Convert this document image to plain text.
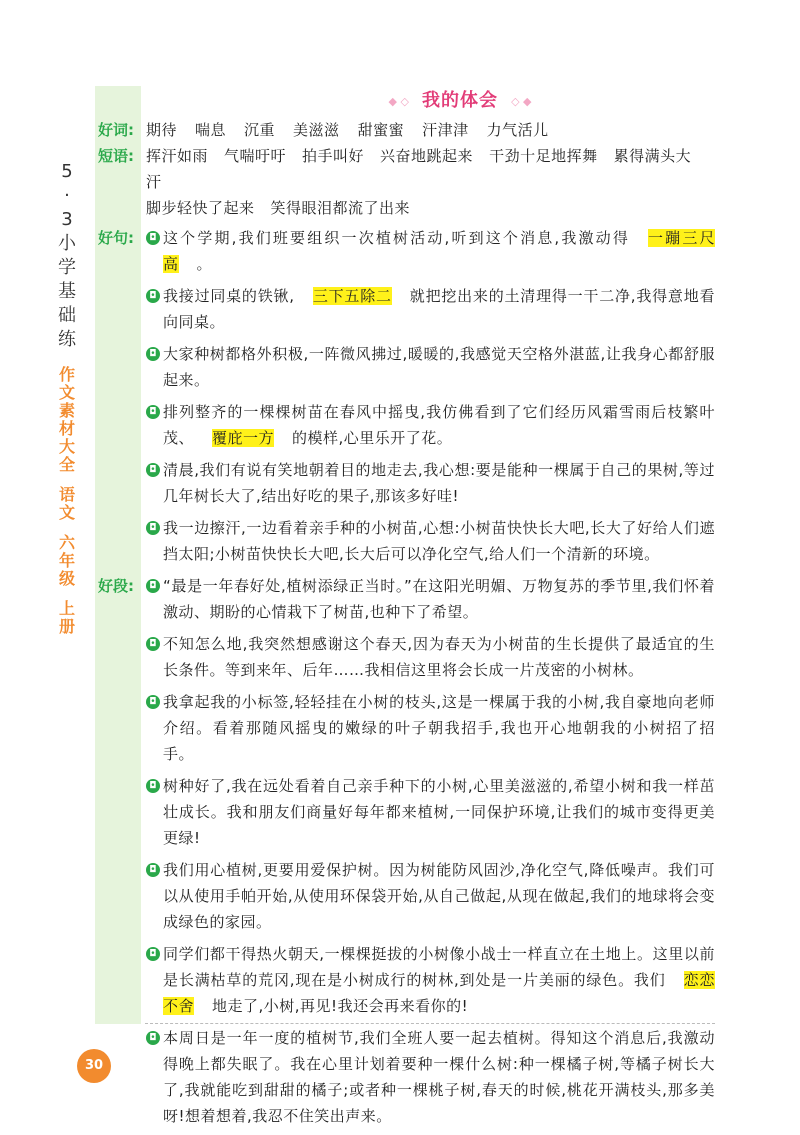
5
·
3
小
学
基
础
练
作
文
素
材
大
全
语
文
六
年
级
上
册
◆ ◇ 我的体会 ◇ ◆
好词: 期待 喘息 沉重 美滋滋 甜蜜蜜 汗津津 力气活儿
短语: 挥汗如雨 气喘吁吁 拍手叫好 兴奋地跳起来 干劲十足地挥舞 累得满头大汗
脚步轻快了起来 笑得眼泪都流了出来
好句:	◘ 这个学期,我们班要组织一次植树活动,听到这个消息,我激动得 一蹦三尺高 。
◘ 我接过同桌的铁锹, 三下五除二 就把挖出来的土清理得一干二净,我得意地看向同桌。
◘ 大家种树都格外积极,一阵微风拂过,暖暖的,我感觉天空格外湛蓝,让我身心都舒服起来。
◘ 排列整齐的一棵棵树苗在春风中摇曳,我仿佛看到了它们经历风霜雪雨后枝繁叶茂、 覆庇一方 的模样,心里乐开了花。
◘ 清晨,我们有说有笑地朝着目的地走去,我心想:要是能种一棵属于自己的果树,等过几年树长大了,结出好吃的果子,那该多好哇!
◘ 我一边擦汗,一边看着亲手种的小树苗,心想:小树苗快快长大吧,长大了好给人们遮挡太阳;小树苗快快长大吧,长大后可以净化空气,给人们一个清新的环境。
好段:	◘ “最是一年春好处,植树添绿正当时。”在这阳光明媚、万物复苏的季节里,我们怀着激动、期盼的心情栽下了树苗,也种下了希望。
◘ 不知怎么地,我突然想感谢这个春天,因为春天为小树苗的生长提供了最适宜的生长条件。等到来年、后年……我相信这里将会长成一片茂密的小树林。
◘ 我拿起我的小标签,轻轻挂在小树的枝头,这是一棵属于我的小树,我自豪地向老师介绍。看着那随风摇曳的嫩绿的叶子朝我招手,我也开心地朝我的小树招了招手。
◘ 树种好了,我在远处看着自己亲手种下的小树,心里美滋滋的,希望小树和我一样茁壮成长。我和朋友们商量好每年都来植树,一同保护环境,让我们的城市变得更美更绿!
◘ 我们用心植树,更要用爱保护树。因为树能防风固沙,净化空气,降低噪声。我们可以从使用手帕开始,从使用环保袋开始,从自己做起,从现在做起,我们的地球将会变成绿色的家园。
◘ 同学们都干得热火朝天,一棵棵挺拔的小树像小战士一样直立在土地上。这里以前是长满枯草的荒冈,现在是小树成行的树林,到处是一片美丽的绿色。我们 恋恋不舍 地走了,小树,再见!我还会再来看你的!
◘ 本周日是一年一度的植树节,我们全班人要一起去植树。得知这个消息后,我激动得晚上都失眠了。我在心里计划着要种一棵什么树:种一棵橘子树,等橘子树长大了,我就能吃到甜甜的橘子;或者种一棵桃子树,春天的时候,桃花开满枝头,那多美呀!想着想着,我忍不住笑出声来。
30
